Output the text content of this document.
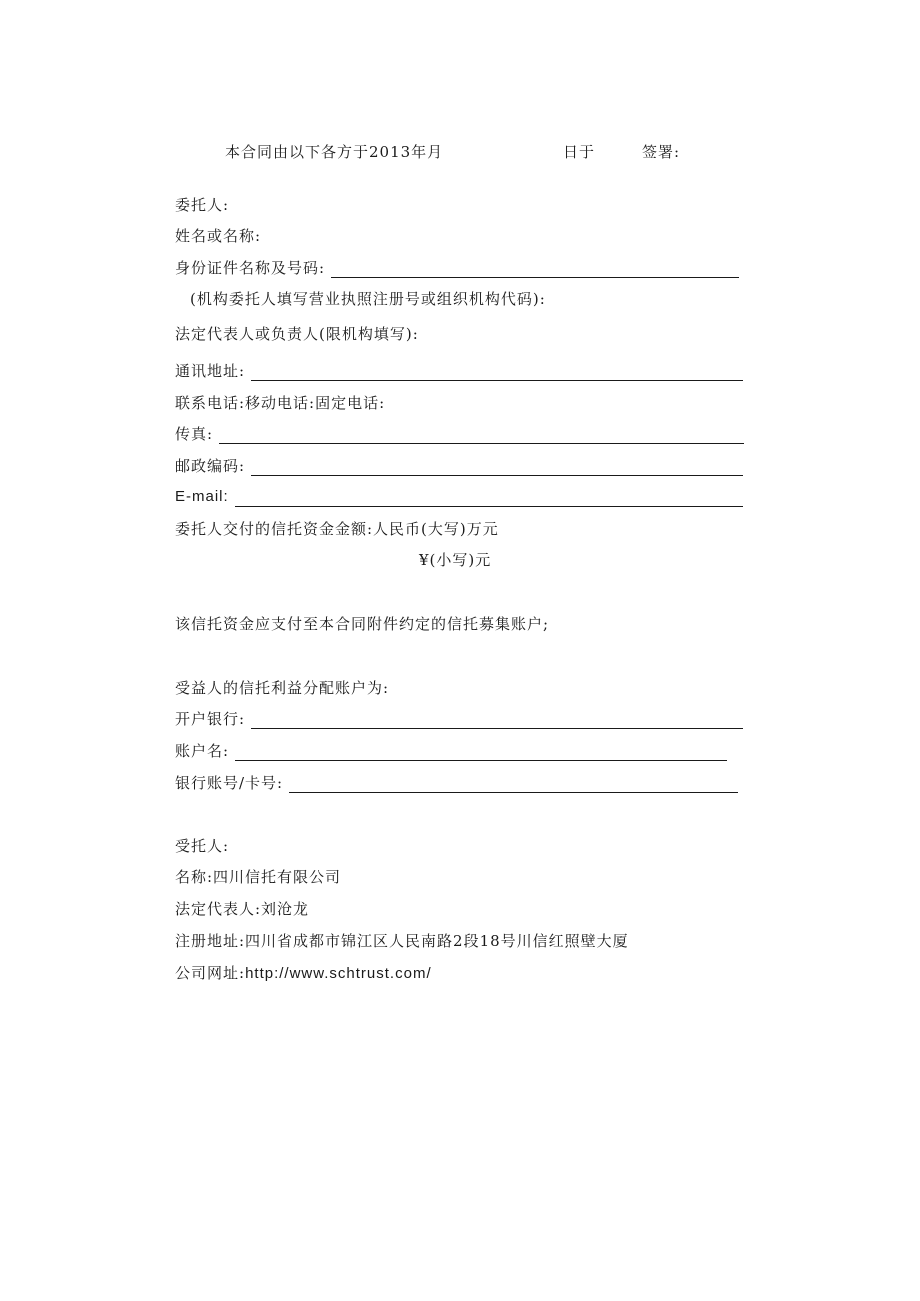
本合同由以下各方于2013年月	日于	签署:
委托人:
姓名或名称:
身份证件名称及号码:
(机构委托人填写营业执照注册号或组织机构代码):
法定代表人或负责人(限机构填写):
通讯地址:
联系电话:移动电话:固定电话:
传真:
邮政编码:
E-mail:
委托人交付的信托资金金额:人民币(大写)万元
¥(小写)元
该信托资金应支付至本合同附件约定的信托募集账户;
受益人的信托利益分配账户为:
开户银行:
账户名:
银行账号/卡号:
受托人:
名称:四川信托有限公司
法定代表人:刘沧龙
注册地址:四川省成都市锦江区人民南路2段18号川信红照壁大厦
公司网址:http://www.schtrust.com/
